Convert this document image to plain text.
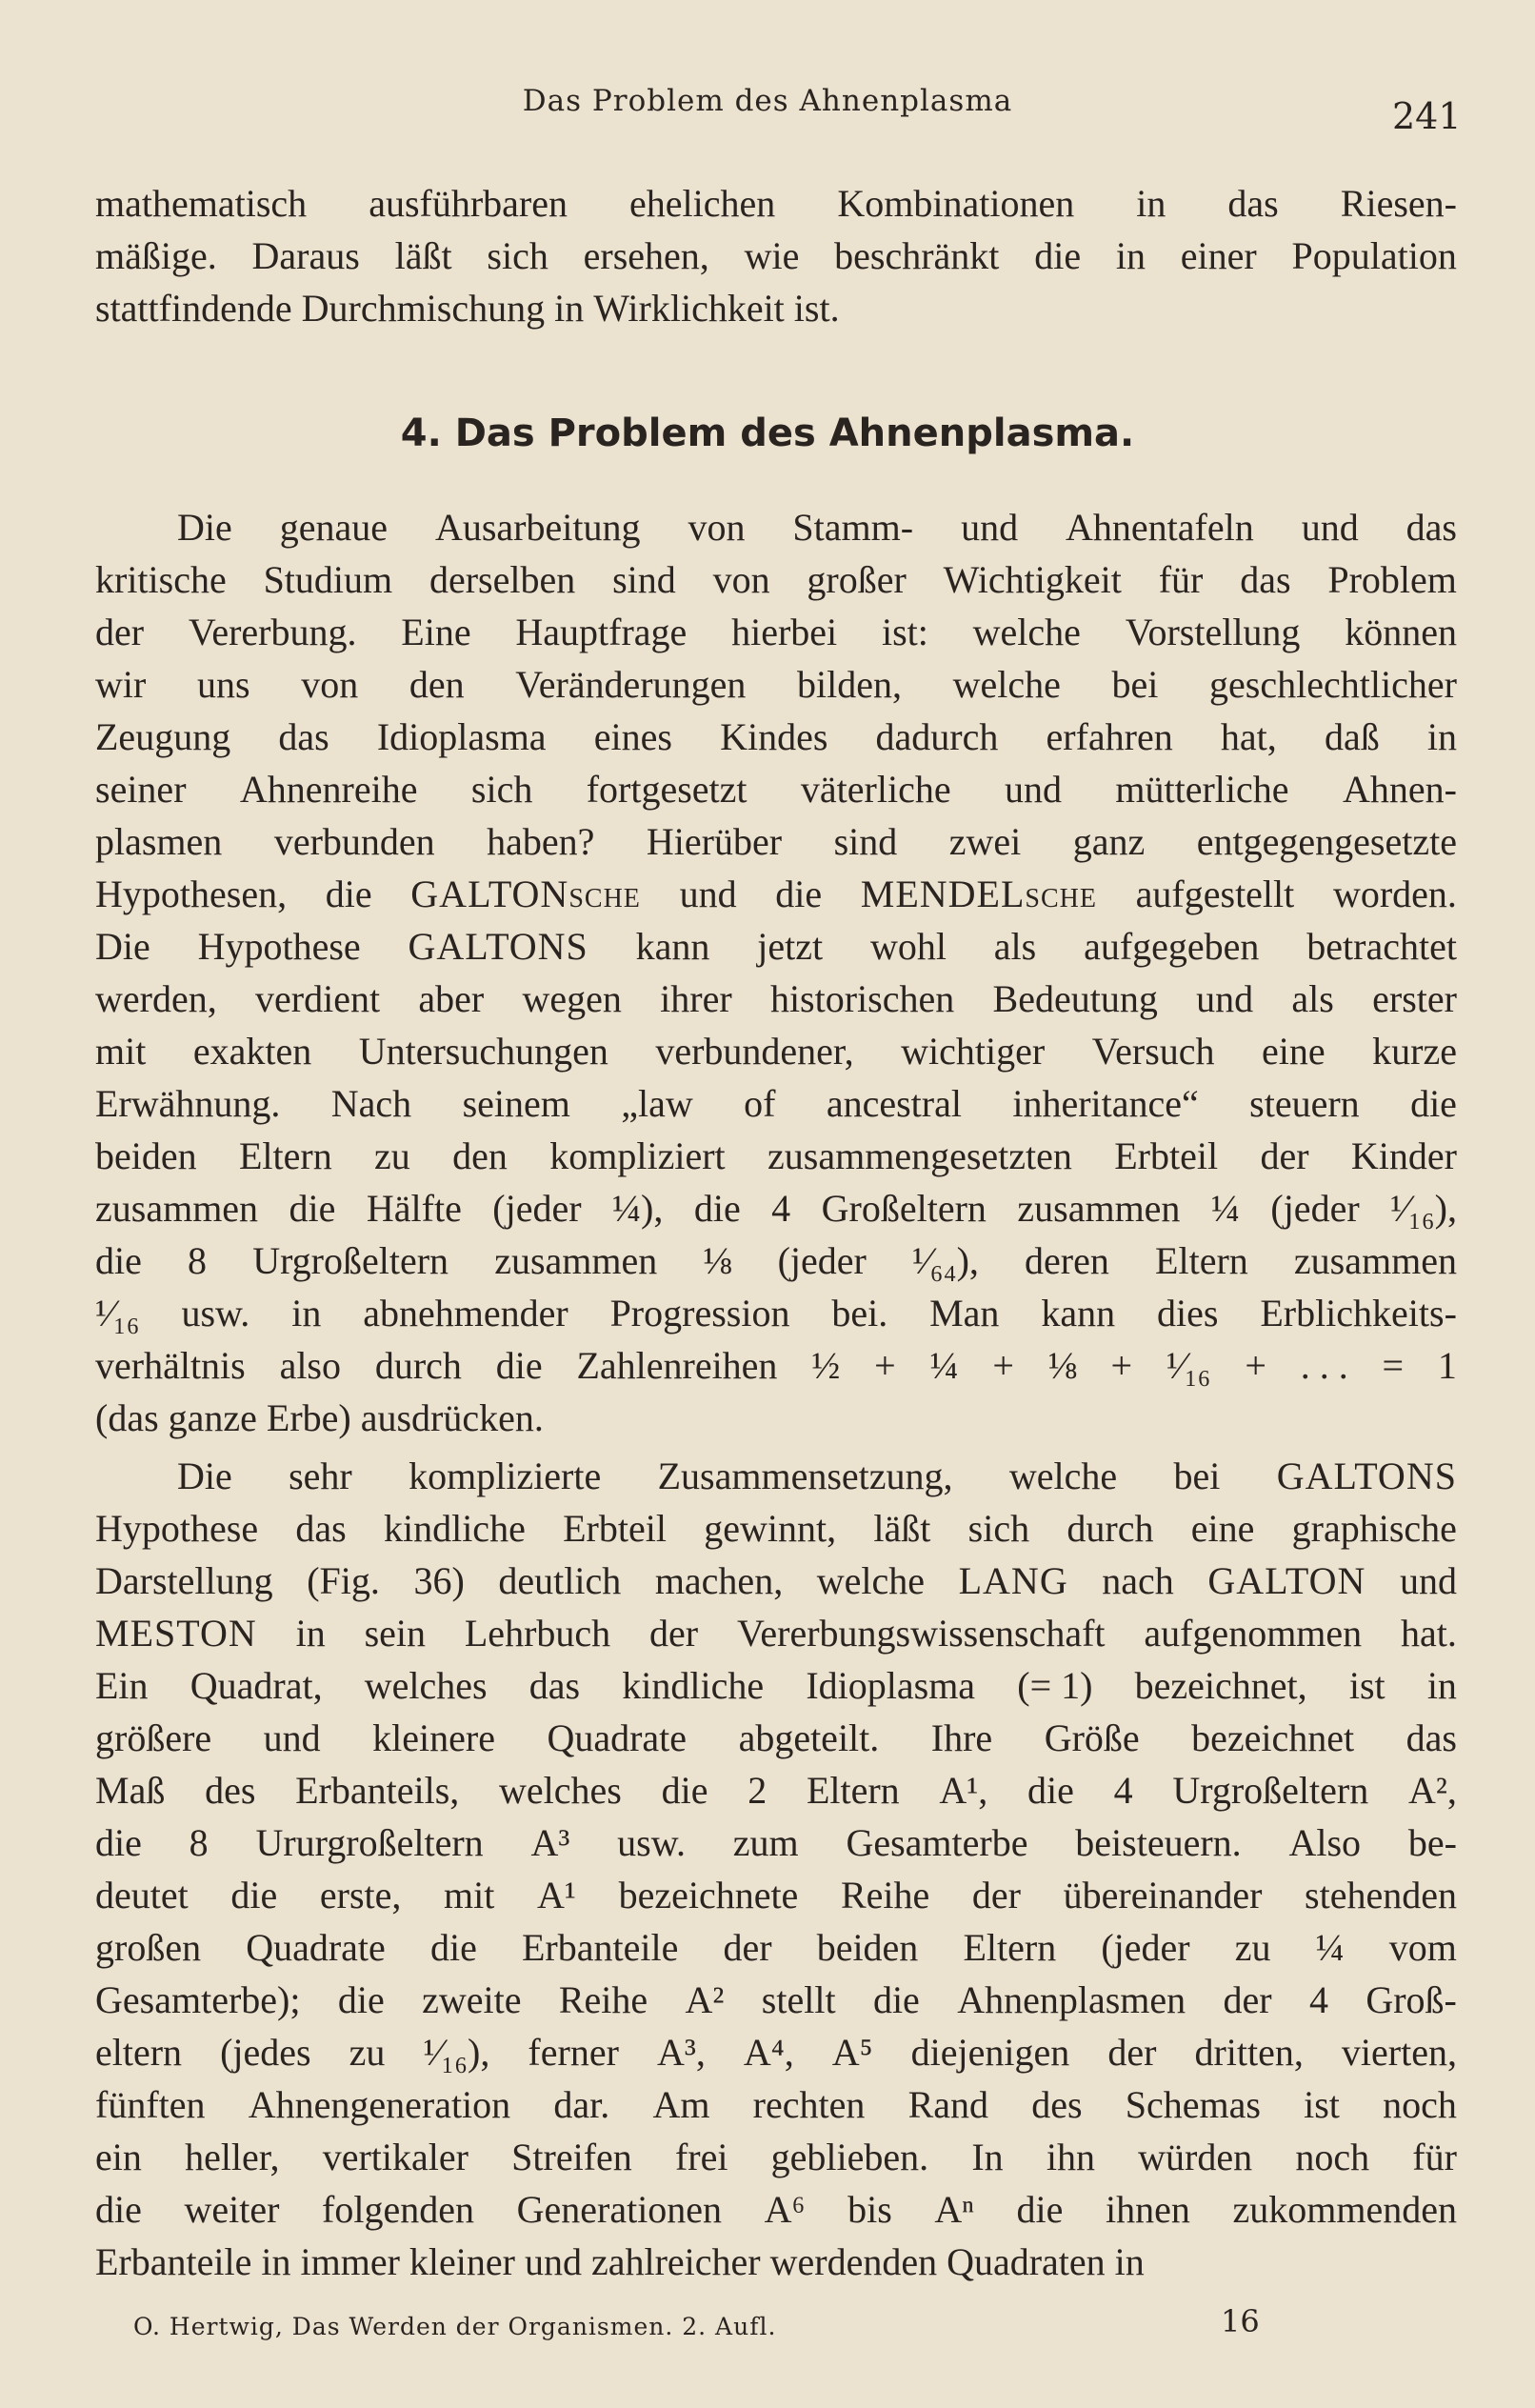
Das Problem des Ahnenplasma	241
mathematisch ausführbaren ehelichen Kombinationen in das Riesen-
mäßige. Daraus läßt sich ersehen, wie beschränkt die in einer Population
stattfindende Durchmischung in Wirklichkeit ist.
4. Das Problem des Ahnenplasma.
Die genaue Ausarbeitung von Stamm- und Ahnentafeln und das
kritische Studium derselben sind von großer Wichtigkeit für das Problem
der Vererbung. Eine Hauptfrage hierbei ist: welche Vorstellung können
wir uns von den Veränderungen bilden, welche bei geschlechtlicher
Zeugung das Idioplasma eines Kindes dadurch erfahren hat, daß in
seiner Ahnenreihe sich fortgesetzt väterliche und mütterliche Ahnen-
plasmen verbunden haben? Hierüber sind zwei ganz entgegengesetzte
Hypothesen, die GALTONsche und die MENDELsche aufgestellt worden.
Die Hypothese GALTONS kann jetzt wohl als aufgegeben betrachtet
werden, verdient aber wegen ihrer historischen Bedeutung und als erster
mit exakten Untersuchungen verbundener, wichtiger Versuch eine kurze
Erwähnung. Nach seinem „law of ancestral inheritance“ steuern die
beiden Eltern zu den kompliziert zusammengesetzten Erbteil der Kinder
zusammen die Hälfte (jeder ¼), die 4 Großeltern zusammen ¼ (jeder ¹⁄₁₆),
die 8 Urgroßeltern zusammen ⅛ (jeder ¹⁄₆₄), deren Eltern zusammen
¹⁄₁₆ usw. in abnehmender Progression bei. Man kann dies Erblichkeits-
verhältnis also durch die Zahlenreihen ½ + ¼ + ⅛ + ¹⁄₁₆ + . . . = 1
(das ganze Erbe) ausdrücken.
Die sehr komplizierte Zusammensetzung, welche bei GALTONS
Hypothese das kindliche Erbteil gewinnt, läßt sich durch eine graphische
Darstellung (Fig. 36) deutlich machen, welche LANG nach GALTON und
MESTON in sein Lehrbuch der Vererbungswissenschaft aufgenommen hat.
Ein Quadrat, welches das kindliche Idioplasma (= 1) bezeichnet, ist in
größere und kleinere Quadrate abgeteilt. Ihre Größe bezeichnet das
Maß des Erbanteils, welches die 2 Eltern A¹, die 4 Urgroßeltern A²,
die 8 Ururgroßeltern A³ usw. zum Gesamterbe beisteuern. Also be-
deutet die erste, mit A¹ bezeichnete Reihe der übereinander stehenden
großen Quadrate die Erbanteile der beiden Eltern (jeder zu ¼ vom
Gesamterbe); die zweite Reihe A² stellt die Ahnenplasmen der 4 Groß-
eltern (jedes zu ¹⁄₁₆), ferner A³, A⁴, A⁵ diejenigen der dritten, vierten,
fünften Ahnengeneration dar. Am rechten Rand des Schemas ist noch
ein heller, vertikaler Streifen frei geblieben. In ihn würden noch für
die weiter folgenden Generationen A⁶ bis Aⁿ die ihnen zukommenden
Erbanteile in immer kleiner und zahlreicher werdenden Quadraten in
O. Hertwig, Das Werden der Organismen. 2. Aufl.	16
